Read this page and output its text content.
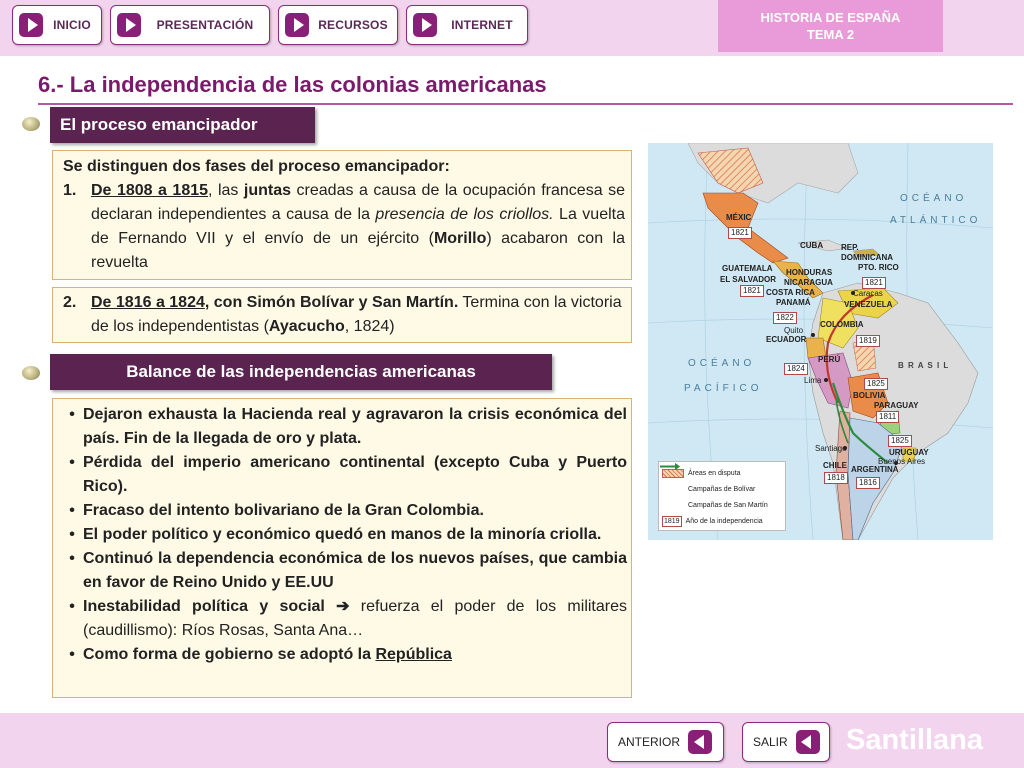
INICIO	PRESENTACIÓN	RECURSOS	INTERNET	HISTORIA DE ESPAÑA
TEMA 2
6.- La independencia de las colonias americanas
El proceso emancipador

Se distinguen dos fases del proceso emancipador:

1. De 1808 a 1815, las juntas creadas a causa de la ocupación francesa se declaran independientes a causa de la presencia de los criollos. La vuelta de Fernando VII y el envío de un ejército (Morillo) acabaron con la revuelta
2. De 1816 a 1824, con Simón Bolívar y San Martín. Termina con la victoria de los independentistas (Ayacucho, 1824)
Balance de las independencias americanas
• Dejaron exhausta la Hacienda real y agravaron la crisis económica del país. Fin de la llegada de oro y plata.
• Pérdida del imperio americano continental (excepto Cuba y Puerto Rico).
• Fracaso del intento bolivariano de la Gran Colombia.
• El poder político y económico quedó en manos de la minoría criolla.
• Continuó la dependencia económica de los nuevos países, que cambia en favor de Reino Unido y EE.UU
• Inestabilidad política y social ➔ refuerza el poder de los militares (caudillismo): Ríos Rosas, Santa Ana…
• Como forma de gobierno se adoptó la República
OCÉANO
ATLÁNTICO
OCÉANO
PACÍFICO
MÉXIC
CUBA REP.
DOMINICANA
PTO. RICO
GUATEMALA
EL SALVADOR
HONDURAS
NICARAGUA
COSTA RICA
PANAMÁ	VENEZUELA
COLOMBIA
ECUADOR
PERÚ
B R A S I L
BOLIVIA
PARAGUAY
URUGUAY
CHILE ARGENTINA
Caracas
Quito
Lima
Santiago
Buenos Aires
1821
1821
1821
1822
1819
1824
1825
1811
1825
1818
1816
Áreas en disputa
Campañas de Bolívar
Campañas de San Martín
1819 Año de la independencia
ANTERIOR	SALIR Santillana
